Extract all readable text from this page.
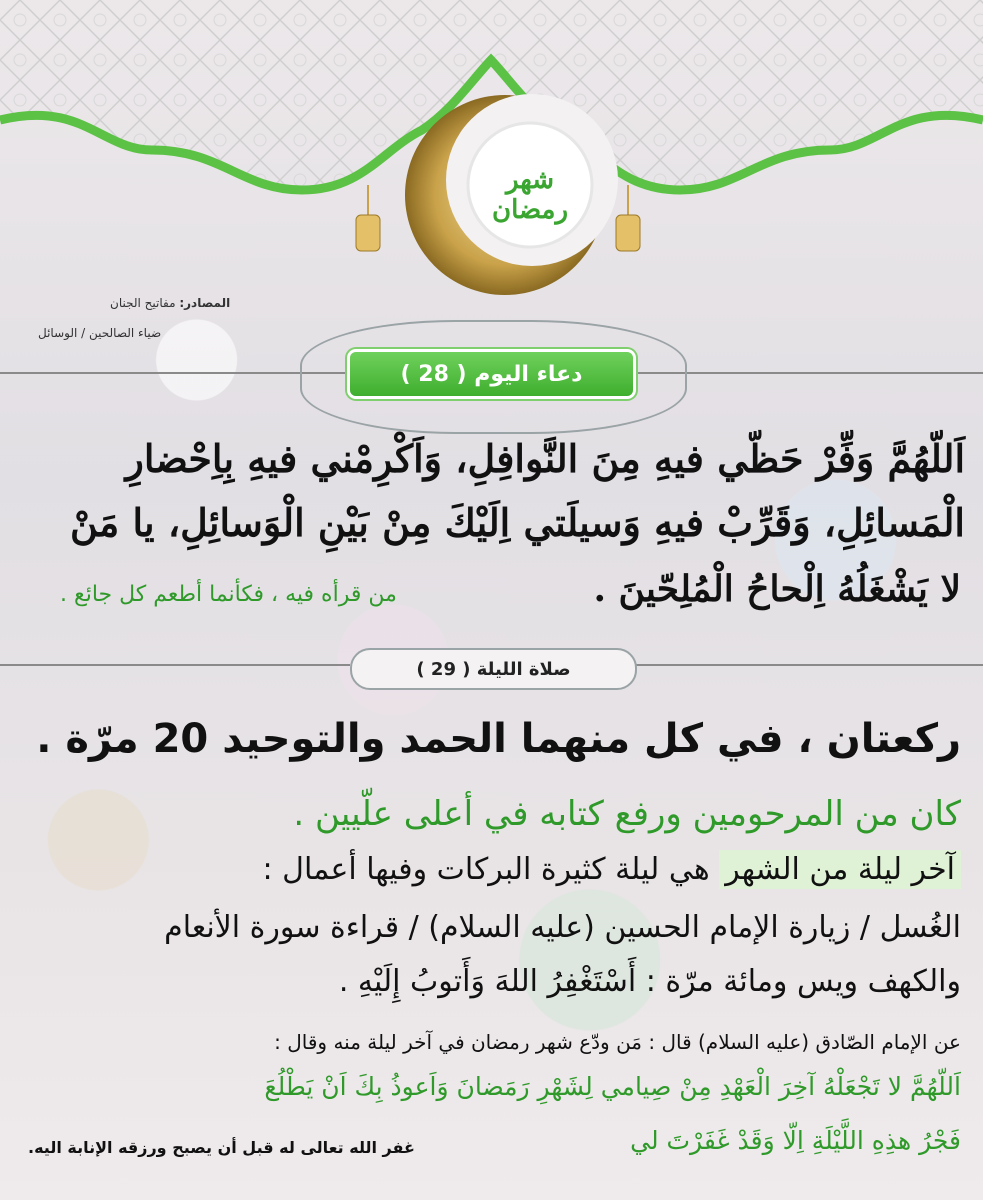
شهر رمضان
المصادر: مفاتيح الجنان
ضياء الصالحين / الوسائل
دعاء اليوم ( 28 )
اَللّهُمَّ وَفِّرْ حَظّي فيهِ مِنَ النَّوافِلِ، وَاَكْرِمْني فيهِ بِاِحْضارِ
الْمَسائِلِ، وَقَرِّبْ فيهِ وَسيلَتي اِلَيْكَ مِنْ بَيْنِ الْوَسائِلِ، يا مَنْ
لا يَشْغَلُهُ اِلْحاحُ الْمُلِحّينَ .
من قرأه فيه ، فكأنما أطعم كل جائع .
صلاة الليلة ( 29 )
ركعتان ، في كل منهما الحمد والتوحيد 20 مرّة .
كان من المرحومين ورفع كتابه في أعلى علّيين .
آخر ليلة من الشهر هي ليلة كثيرة البركات وفيها أعمال :
الغُسل / زيارة الإمام الحسين (عليه السلام) / قراءة سورة الأنعام
والكهف ويس ومائة مرّة : أَسْتَغْفِرُ اللهَ وَأَتوبُ إِلَيْهِ .
عن الإمام الصّادق (عليه السلام) قال : مَن ودّع شهر رمضان في آخر ليلة منه وقال :
اَللّهُمَّ لا تَجْعَلْهُ آخِرَ الْعَهْدِ مِنْ صِيامي لِشَهْرِ رَمَضانَ وَاَعوذُ بِكَ اَنْ يَطْلُعَ
فَجْرُ هذِهِ اللَّيْلَةِ اِلّا وَقَدْ غَفَرْتَ لي
غفر الله تعالى له قبل أن يصبح ورزقه الإنابة اليه.
